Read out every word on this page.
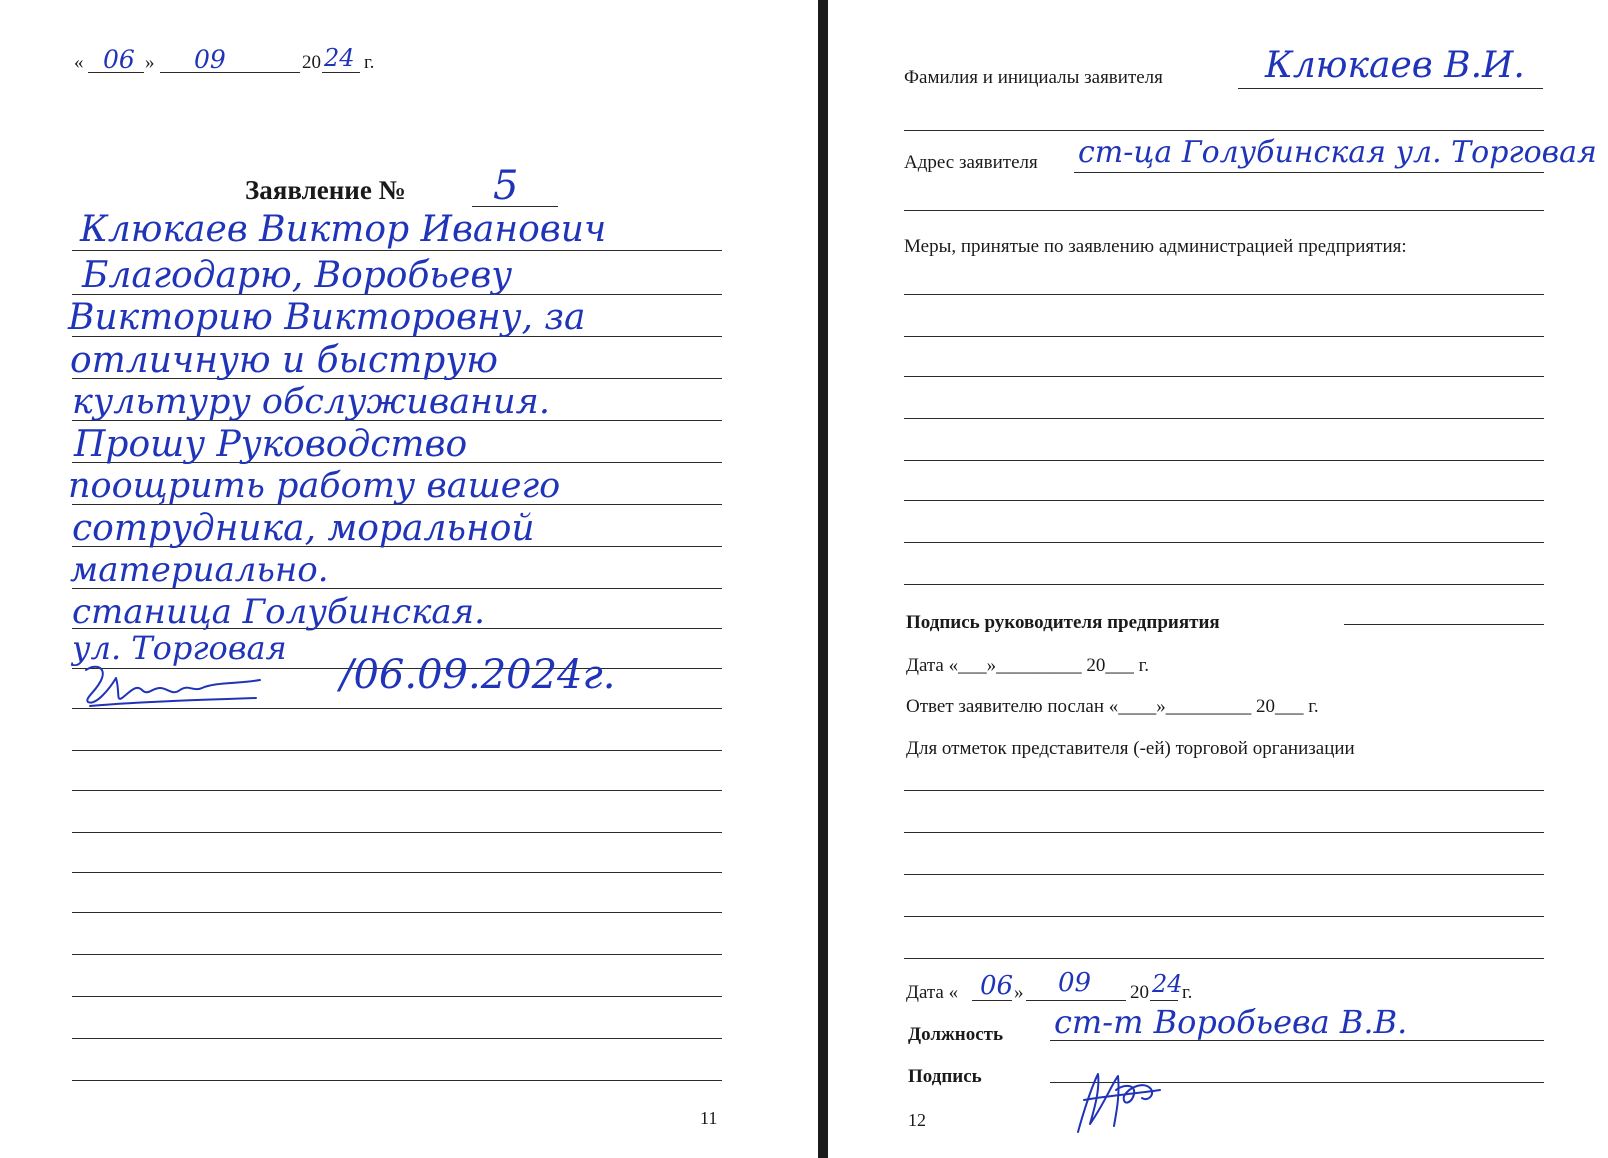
« 06 » 09	20 24 г.
Заявление № 5
Клюкаев Виктор Иванович
Благодарю, Воробьеву
Викторию Викторовну, за
отличную и быструю
культуру обслуживания.
Прошу Руководство
поощрить работу вашего
сотрудника, моральной
материально.
станица Голубинская.
ул. Торговая
/06.09.2024г.
11
Фамилия и инициалы заявителя	Клюкаев В.И.
Адрес заявителя ст-ца Голубинская ул. Торговая
Меры, принятые по заявлению администрацией предприятия:
Подпись руководителя предприятия
Дата «___»_________ 20___ г.
Ответ заявителю послан «____»_________ 20___ г.
Для отметок представителя (-ей) торговой организации
Дата « 06 » 09 20 24 г.
Должность ст-т Воробьева В.В.
Подпись
12
